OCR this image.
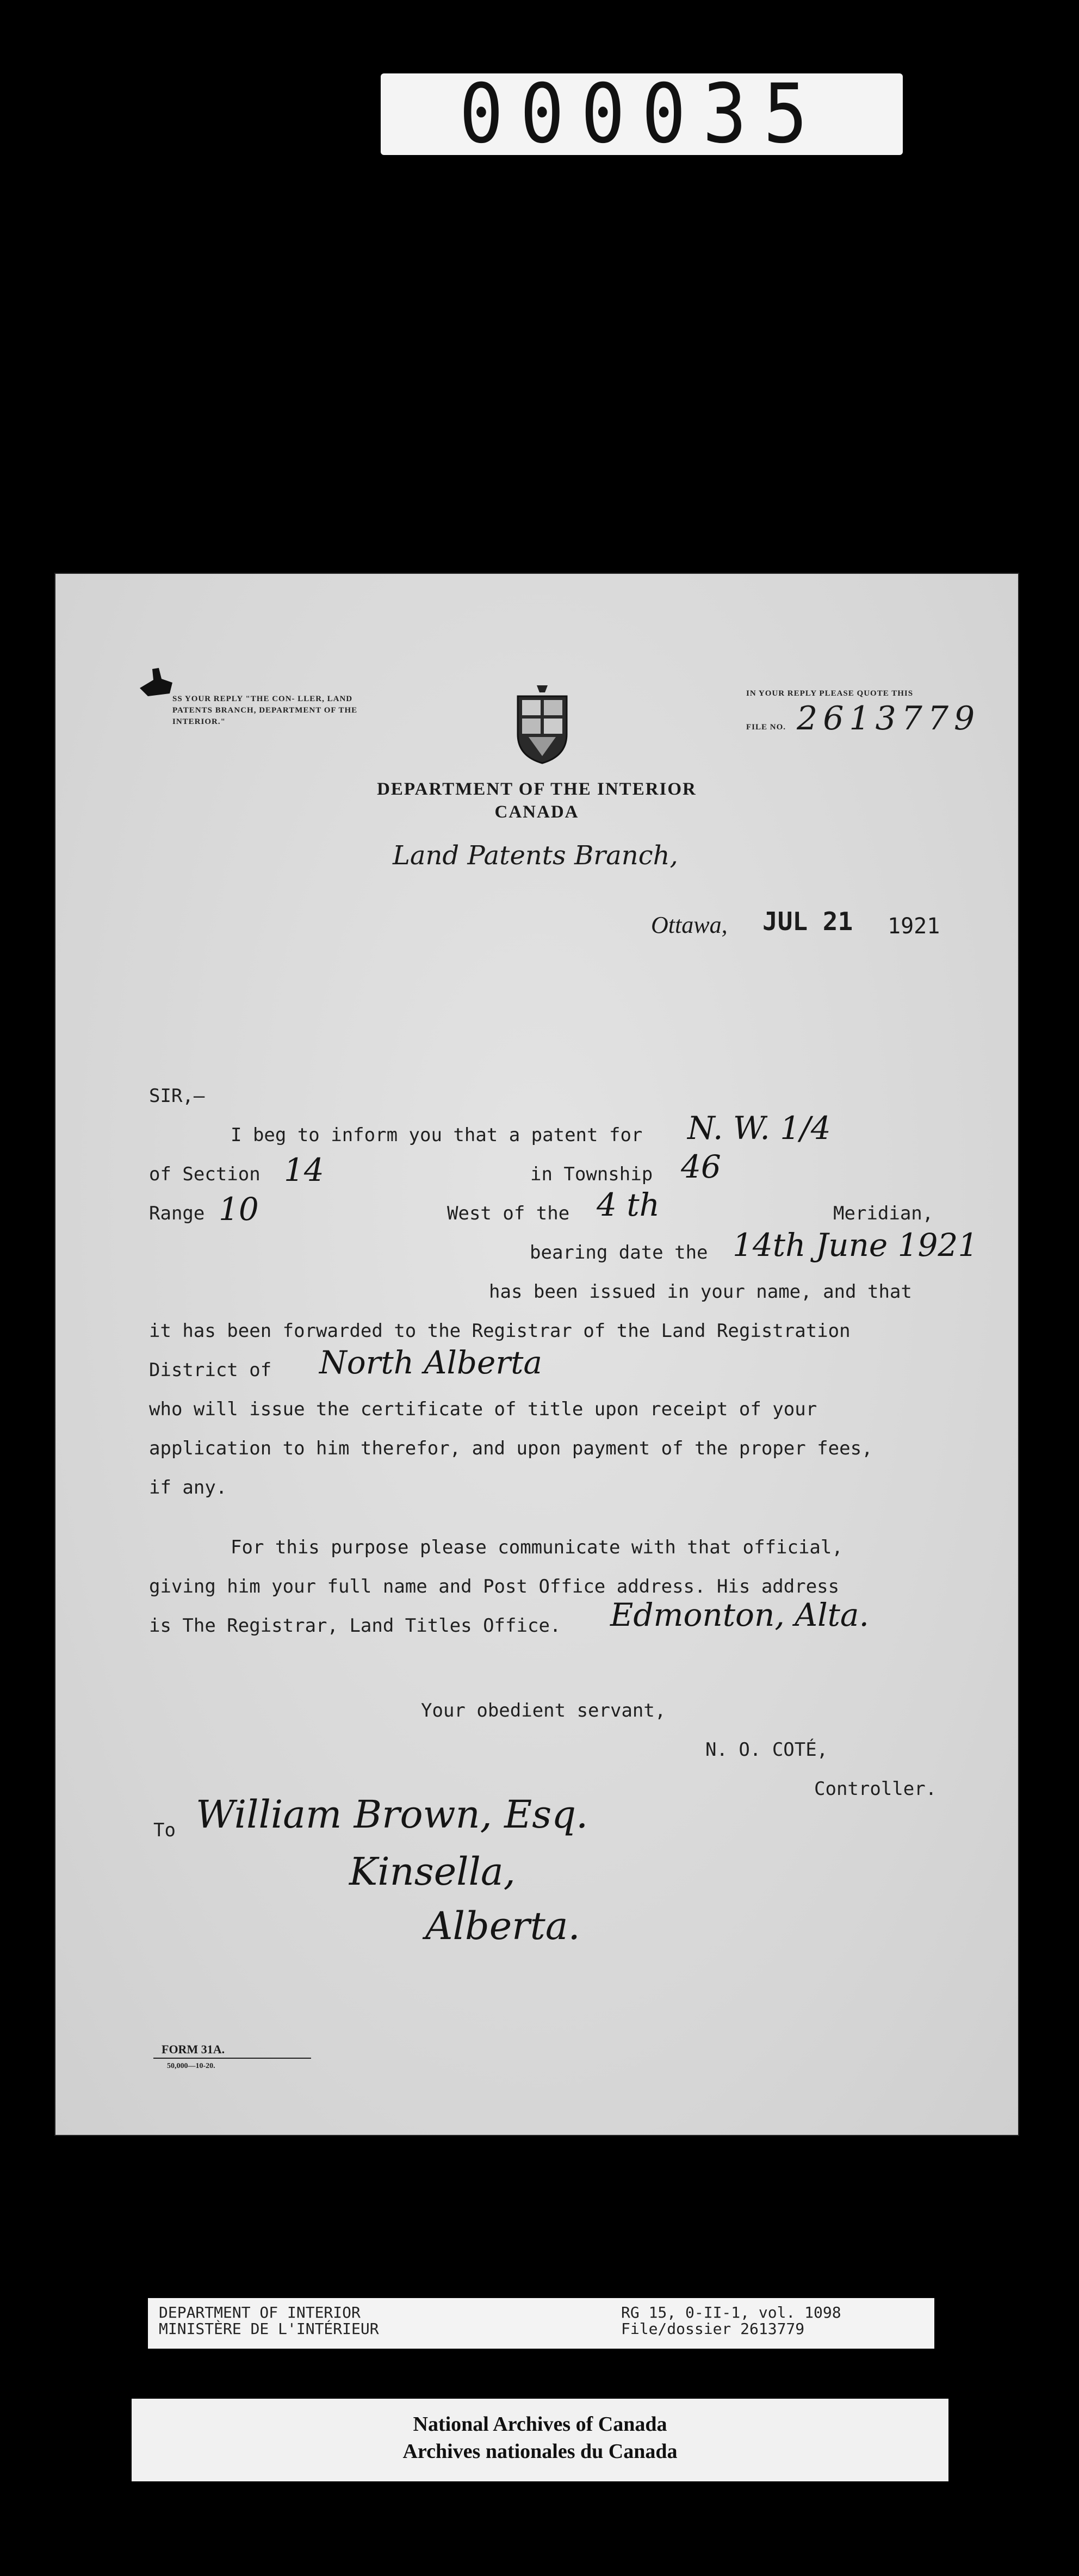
000035
SS YOUR REPLY "THE CON- LLER, LAND PATENTS BRANCH, DEPARTMENT OF THE INTERIOR."
IN YOUR REPLY PLEASE QUOTE THIS
FILE NO. 2613779
DEPARTMENT OF THE INTERIOR
CANADA
Land Patents Branch,
Ottawa, JUL 21 1921
SIR,—
I beg to inform you that a patent for N. W. 1/4
of Section 14	in Township 46
Range 10	West of the 4 th	Meridian,
bearing date the 14th June 1921
has been issued in your name, and that
it has been forwarded to the Registrar of the Land Registration
District of North Alberta
who will issue the certificate of title upon receipt of your
application to him therefor, and upon payment of the proper fees,
if any.
For this purpose please communicate with that official,
giving him your full name and Post Office address. His address
is The Registrar, Land Titles Office. Edmonton, Alta.
Your obedient servant,
N. O. COTÉ,
Controller.
To William Brown, Esq.
Kinsella,
Alberta.
FORM 31A.
50,000—10-20.
DEPARTMENT OF INTERIOR
MINISTÈRE DE L'INTÉRIEUR
RG 15, 0-II-1, vol. 1098
File/dossier 2613779
National Archives of Canada
Archives nationales du Canada
